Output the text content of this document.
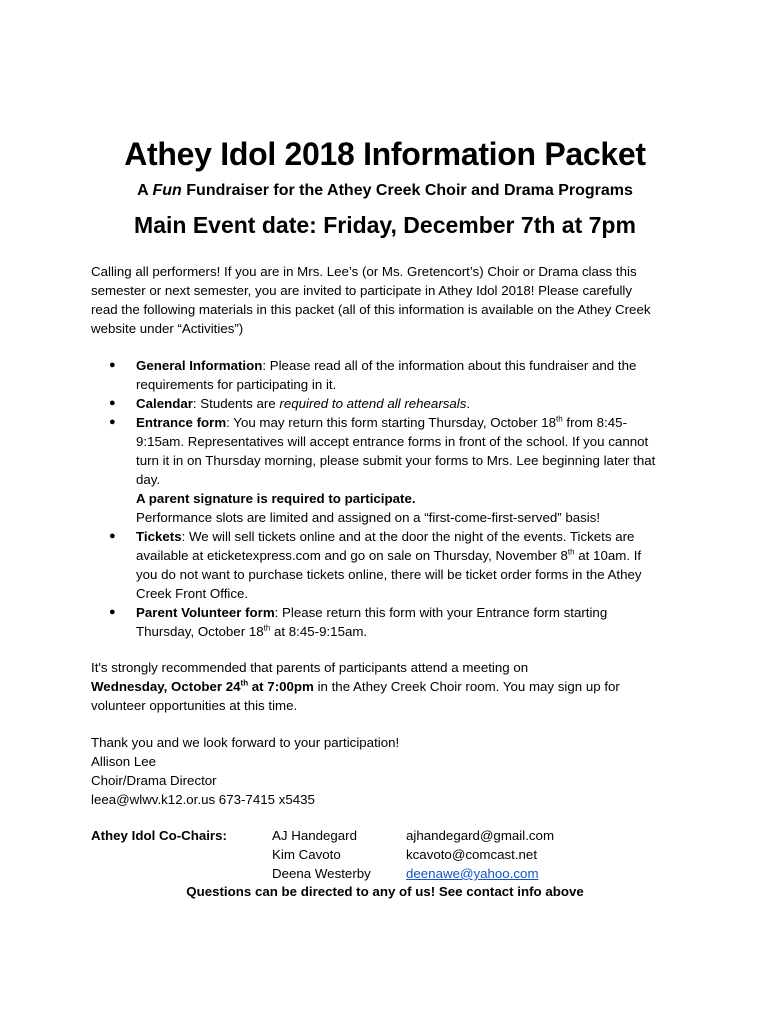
Athey Idol 2018 Information Packet
A Fun Fundraiser for the Athey Creek Choir and Drama Programs
Main Event date: Friday, December 7th at 7pm
Calling all performers! If you are in Mrs. Lee’s (or Ms. Gretencort’s) Choir or Drama class this
semester or next semester, you are invited to participate in Athey Idol 2018! Please carefully
read the following materials in this packet (all of this information is available on the Athey Creek
website under “Activities”)
● General Information: Please read all of the information about this fundraiser and the
requirements for participating in it.
● Calendar: Students are required to attend all rehearsals.
● Entrance form: You may return this form starting Thursday, October 18th from 8:45-
9:15am. Representatives will accept entrance forms in front of the school. If you cannot
turn it in on Thursday morning, please submit your forms to Mrs. Lee beginning later that
day.
A parent signature is required to participate.
Performance slots are limited and assigned on a “first-come-first-served” basis!
● Tickets: We will sell tickets online and at the door the night of the events. Tickets are
available at eticketexpress.com and go on sale on Thursday, November 8th at 10am. If
you do not want to purchase tickets online, there will be ticket order forms in the Athey
Creek Front Office.
● Parent Volunteer form: Please return this form with your Entrance form starting
Thursday, October 18th at 8:45-9:15am.
It's strongly recommended that parents of participants attend a meeting on
Wednesday, October 24th at 7:00pm in the Athey Creek Choir room. You may sign up for
volunteer opportunities at this time.
Thank you and we look forward to your participation!
Allison Lee
Choir/Drama Director
leea@wlwv.k12.or.us 673-7415 x5435
Athey Idol Co-Chairs:	AJ Handegard	ajhandegard@gmail.com
Kim Cavoto	kcavoto@comcast.net
Deena Westerby	deenawe@yahoo.com
Questions can be directed to any of us! See contact info above
